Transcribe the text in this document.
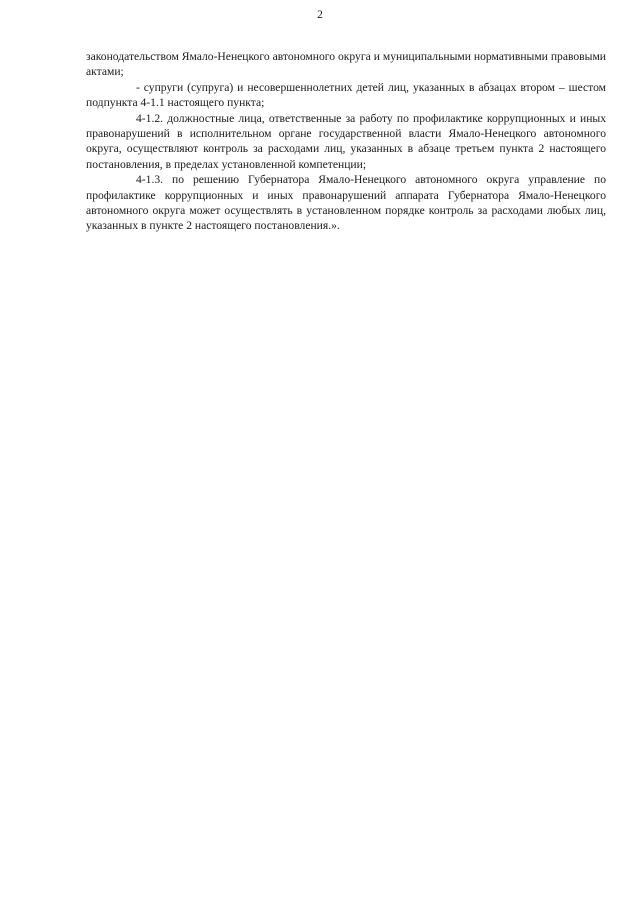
2

законодательством Ямало-Ненецкого автономного округа и муниципальными нормативными правовыми актами;

- супруги (супруга) и несовершеннолетних детей лиц, указанных в абзацах втором – шестом подпункта 4-1.1 настоящего пункта;

4-1.2. должностные лица, ответственные за работу по профилактике коррупционных и иных правонарушений в исполнительном органе государственной власти Ямало-Ненецкого автономного округа, осуществляют контроль за расходами лиц, указанных в абзаце третьем пункта 2 настоящего постановления, в пределах установленной компетенции;

4-1.3. по решению Губернатора Ямало-Ненецкого автономного округа управление по профилактике коррупционных и иных правонарушений аппарата Губернатора Ямало-Ненецкого автономного округа может осуществлять в установленном порядке контроль за расходами любых лиц, указанных в пункте 2 настоящего постановления.».
